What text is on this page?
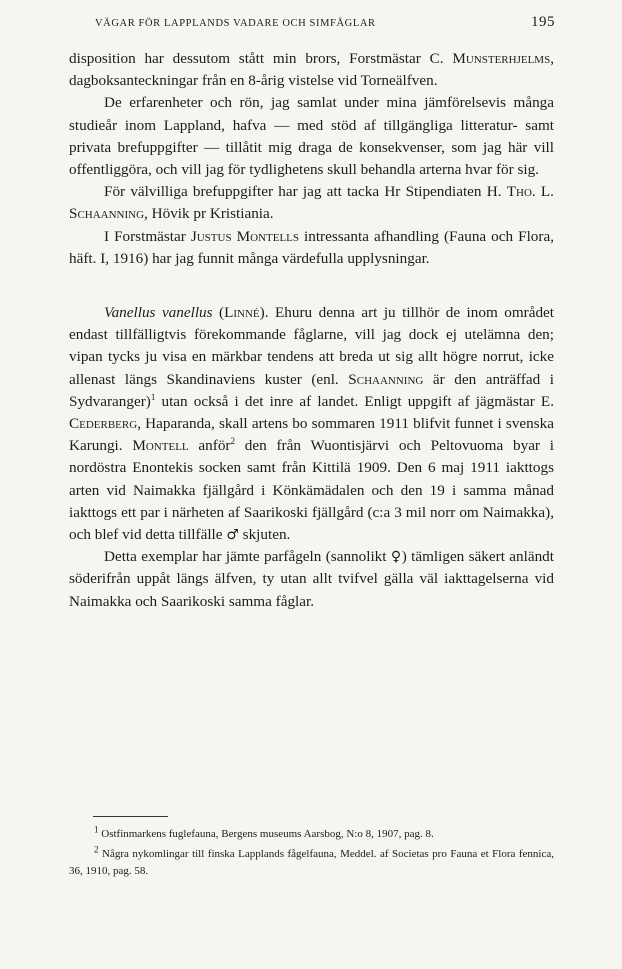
VÄGAR FÖR LAPPLANDS VADARE OCH SIMFÅGLAR	195

disposition har dessutom stått min brors, Forstmästar C. Munsterhjelms, dagboksanteckningar från en 8-årig vistelse vid Torneälfven.

De erfarenheter och rön, jag samlat under mina jämförelsevis många studieår inom Lappland, hafva — med stöd af tillgängliga litteratur- samt privata brefuppgifter — tillåtit mig draga de konsekvenser, som jag här vill offentliggöra, och vill jag för tydlighetens skull behandla arterna hvar för sig.

För välvilliga brefuppgifter har jag att tacka Hr Stipendiaten H. Tho. L. Schaanning, Hövik pr Kristiania.

I Forstmästar Justus Montells intressanta afhandling (Fauna och Flora, häft. I, 1916) har jag funnit många värdefulla upplysningar.

Vanellus vanellus (Linné). Ehuru denna art ju tillhör de inom området endast tillfälligtvis förekommande fåglarne, vill jag dock ej utelämna den; vipan tycks ju visa en märkbar tendens att breda ut sig allt högre norrut, icke allenast längs Skandinaviens kuster (enl. Schaanning är den anträffad i Sydvaranger)$^1$ utan också i det inre af landet. Enligt uppgift af jägmästar E. Cederberg, Haparanda, skall artens bo sommaren 1911 blifvit funnet i svenska Karungi. Montell anför$^2$ den från Wuontisjärvi och Peltovuoma byar i nordöstra Enontekis socken samt från Kittilä 1909. Den 6 maj 1911 iakttogs arten vid Naimakka fjällgård i Könkämädalen och den 19 i samma månad iakttogs ett par i närheten af Saarikoski fjällgård (c:a 3 mil norr om Naimakka), och blef vid detta tillfälle ♂ skjuten.

Detta exemplar har jämte parfågeln (sannolikt ♀) tämligen säkert anländt söderifrån uppåt längs älfven, ty utan allt tvifvel gälla väl iakttagelserna vid Naimakka och Saarikoski samma fåglar.

$^1$ Ostfinmarkens fuglefauna, Bergens museums Aarsbog, N:o 8, 1907, pag. 8.

$^2$ Några nykomlingar till finska Lapplands fågelfauna, Meddel. af Societas pro Fauna et Flora fennica, 36, 1910, pag. 58.
